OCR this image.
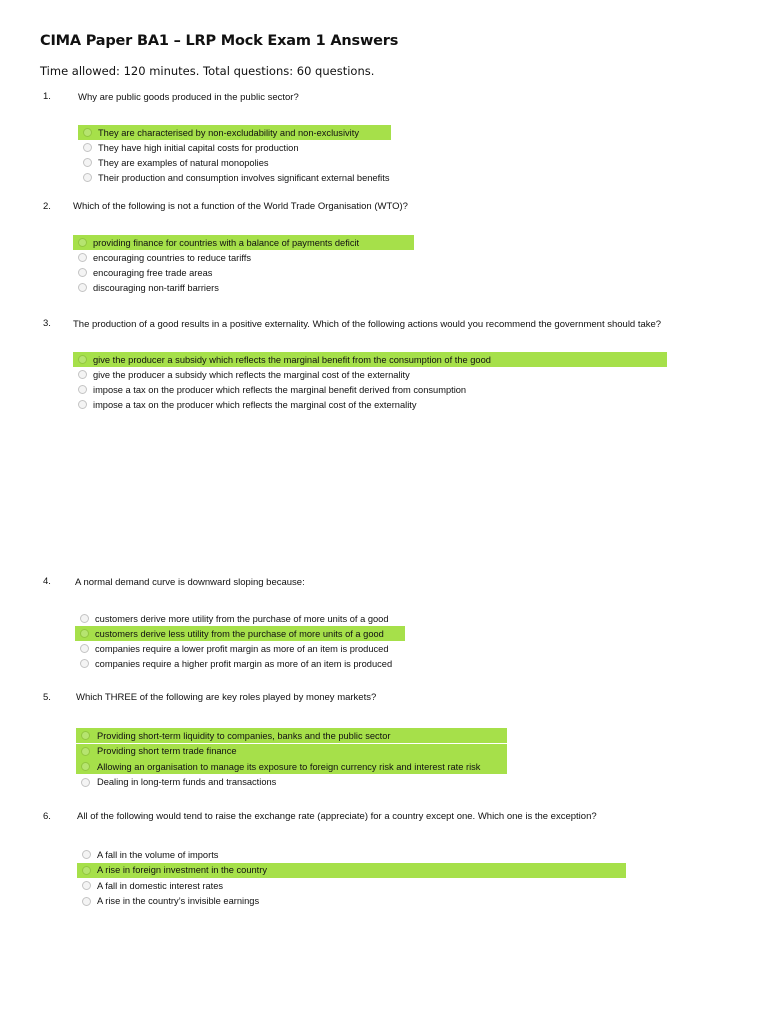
CIMA Paper BA1 – LRP Mock Exam 1 Answers
Time allowed: 120 minutes. Total questions: 60 questions.
1.	Why are public goods produced in the public sector?
They are characterised by non-excludability and non-exclusivity
They have high initial capital costs for production
They are examples of natural monopolies
Their production and consumption involves significant external benefits
2. Which of the following is not a function of the World Trade Organisation (WTO)?
providing finance for countries with a balance of payments deficit
encouraging countries to reduce tariffs
encouraging free trade areas
discouraging non-tariff barriers
3. The production of a good results in a positive externality. Which of the following actions would you recommend the government should take?
give the producer a subsidy which reflects the marginal benefit from the consumption of the good
give the producer a subsidy which reflects the marginal cost of the externality
impose a tax on the producer which reflects the marginal benefit derived from consumption
impose a tax on the producer which reflects the marginal cost of the externality
4.	A normal demand curve is downward sloping because:
customers derive more utility from the purchase of more units of a good
customers derive less utility from the purchase of more units of a good
companies require a lower profit margin as more of an item is produced
companies require a higher profit margin as more of an item is produced
5.	Which THREE of the following are key roles played by money markets?
Providing short-term liquidity to companies, banks and the public sector
Providing short term trade finance
Allowing an organisation to manage its exposure to foreign currency risk and interest rate risk
Dealing in long-term funds and transactions
6.	All of the following would tend to raise the exchange rate (appreciate) for a country except one. Which one is the exception?
A fall in the volume of imports
A rise in foreign investment in the country
A fall in domestic interest rates
A rise in the country’s invisible earnings
